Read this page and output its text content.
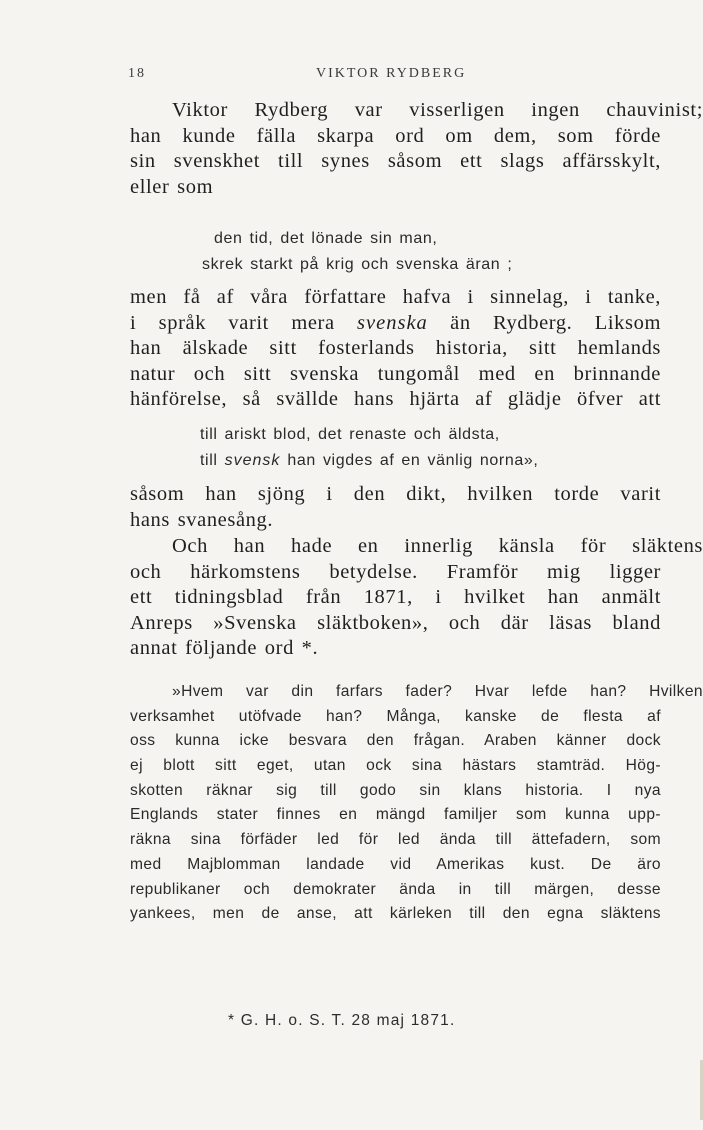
18	VIKTOR RYDBERG
Viktor Rydberg var visserligen ingen chauvinist;
han kunde fälla skarpa ord om dem, som förde
sin svenskhet till synes såsom ett slags affärsskylt,
eller som
den tid, det lönade sin man,
skrek starkt på krig och svenska äran ;
men få af våra författare hafva i sinnelag, i tanke,
i språk varit mera svenska än Rydberg. Liksom
han älskade sitt fosterlands historia, sitt hemlands
natur och sitt svenska tungomål med en brinnande
hänförelse, så svällde hans hjärta af glädje öfver att
till ariskt blod, det renaste och äldsta,
till svensk han vigdes af en vänlig norna»,
såsom han sjöng i den dikt, hvilken torde varit
hans svanesång.
Och han hade en innerlig känsla för släktens
och härkomstens betydelse. Framför mig ligger
ett tidningsblad från 1871, i hvilket han anmält
Anreps »Svenska släktboken», och där läsas bland
annat följande ord *.
»Hvem var din farfars fader? Hvar lefde han? Hvilken
verksamhet utöfvade han? Många, kanske de flesta af
oss kunna icke besvara den frågan. Araben känner dock
ej blott sitt eget, utan ock sina hästars stamträd. Hög-
skotten räknar sig till godo sin klans historia. I nya
Englands stater finnes en mängd familjer som kunna upp-
räkna sina förfäder led för led ända till ättefadern, som
med Majblomman landade vid Amerikas kust. De äro
republikaner och demokrater ända in till märgen, desse
yankees, men de anse, att kärleken till den egna släktens
* G. H. o. S. T. 28 maj 1871.
